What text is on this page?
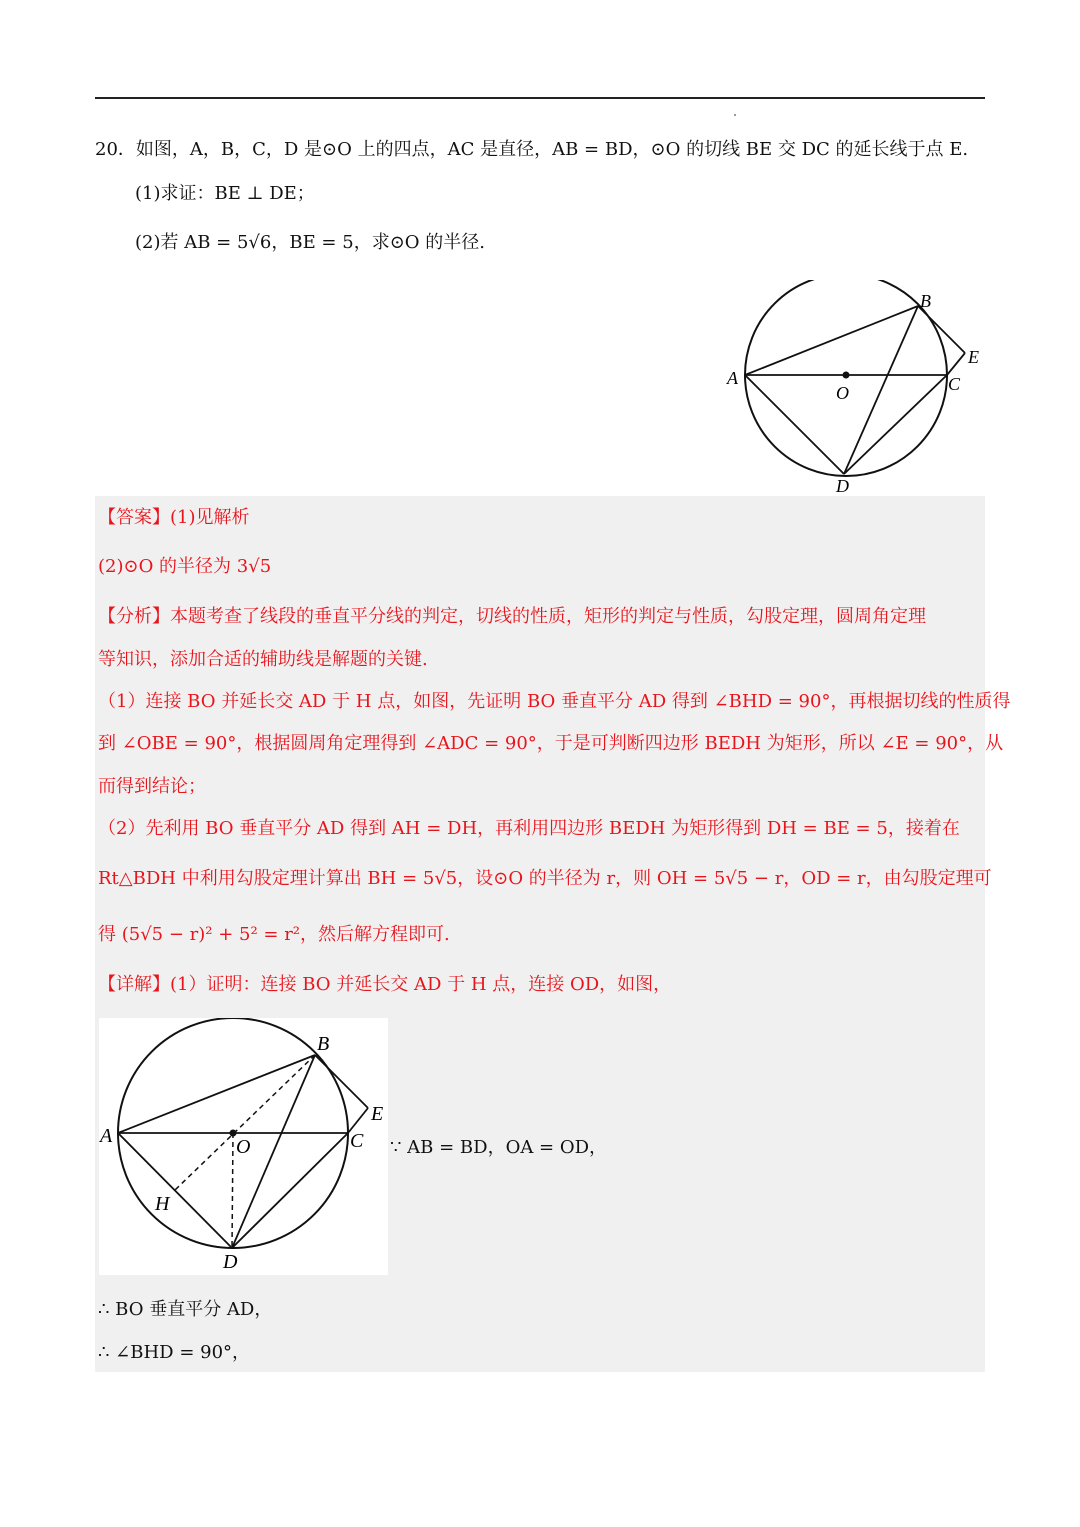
20．如图，A，B，C，D 是⊙O 上的四点，AC 是直径，AB = BD，⊙O 的切线 BE 交 DC 的延长线于点 E.
(1)求证：BE ⊥ DE；
(2)若 AB = 5√6，BE = 5，求⊙O 的半径.
B
E
A
O	C
D
【答案】(1)见解析
(2)⊙O 的半径为 3√5
【分析】本题考查了线段的垂直平分线的判定，切线的性质，矩形的判定与性质，勾股定理，圆周角定理
等知识，添加合适的辅助线是解题的关键.
（1）连接 BO 并延长交 AD 于 H 点，如图，先证明 BO 垂直平分 AD 得到 ∠BHD = 90°，再根据切线的性质得
到 ∠OBE = 90°，根据圆周角定理得到 ∠ADC = 90°，于是可判断四边形 BEDH 为矩形，所以 ∠E = 90°，从
而得到结论；
（2）先利用 BO 垂直平分 AD 得到 AH = DH，再利用四边形 BEDH 为矩形得到 DH = BE = 5，接着在
Rt△BDH 中利用勾股定理计算出 BH = 5√5，设⊙O 的半径为 r，则 OH = 5√5 − r，OD = r，由勾股定理可
得 (5√5 − r)² + 5² = r²，然后解方程即可.
【详解】(1）证明：连接 BO 并延长交 AD 于 H 点，连接 OD，如图，
B
E
A	O	C
H
D
∵ AB = BD，OA = OD，
∴ BO 垂直平分 AD，
∴ ∠BHD = 90°，
